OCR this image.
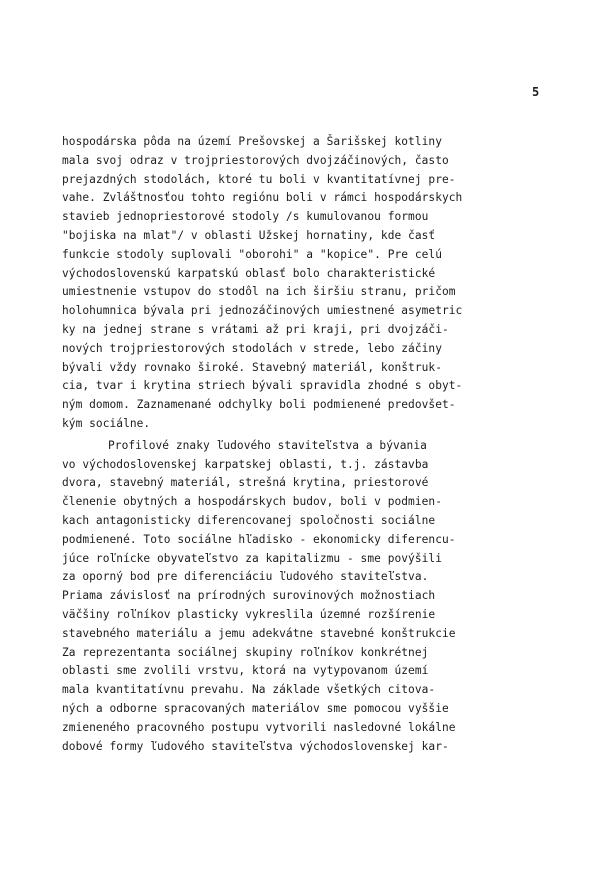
5
hospodárska pôda na území Prešovskej a Šarišskej kotliny
mala svoj odraz v trojpriestorových dvojzáčinových, často
prejazdných stodolách, ktoré tu boli v kvantitatívnej pre-
vahe. Zvláštnosťou tohto regiónu boli v rámci hospodárskych
stavieb jednopriestorové stodoly /s kumulovanou formou
"bojiska na mlat"/ v oblasti Užskej hornatiny, kde časť
funkcie stodoly suplovali "oborohi" a "kopice". Pre celú
východoslovenskú karpatskú oblasť bolo charakteristické
umiestnenie vstupov do stodôl na ich širšiu stranu, pričom
holohumnica bývala pri jednozáčinových umiestnené asymetric
ky na jednej strane s vrátami až pri kraji, pri dvojzáči-
nových trojpriestorových stodolách v strede, lebo záčiny
bývali vždy rovnako široké. Stavebný materiál, konštruk-
cia, tvar i krytina striech bývali spravidla zhodné s obyt-
ným domom. Zaznamenané odchylky boli podmienené predovšet-
kým sociálne.
Profilové znaky ľudového staviteľstva a bývania
vo východoslovenskej karpatskej oblasti, t.j. zástavba
dvora, stavebný materiál, strešná krytina, priestorové
členenie obytných a hospodárskych budov, boli v podmien-
kach antagonisticky diferencovanej spoločnosti sociálne
podmienené. Toto sociálne hľadisko - ekonomicky diferencu-
júce roľnícke obyvateľstvo za kapitalizmu - sme povýšili
za oporný bod pre diferenciáciu ľudového staviteľstva.
Priama závislosť na prírodných surovinových možnostiach
väčšiny roľníkov plasticky vykreslila územné rozšírenie
stavebného materiálu a jemu adekvátne stavebné konštrukcie
Za reprezentanta sociálnej skupiny roľníkov konkrétnej
oblasti sme zvolili vrstvu, ktorá na vytypovanom území
mala kvantitatívnu prevahu. Na základe všetkých citova-
ných a odborne spracovaných materiálov sme pomocou vyššie
zmieneného pracovného postupu vytvorili nasledovné lokálne
dobové formy ľudového staviteľstva východoslovenskej kar-
